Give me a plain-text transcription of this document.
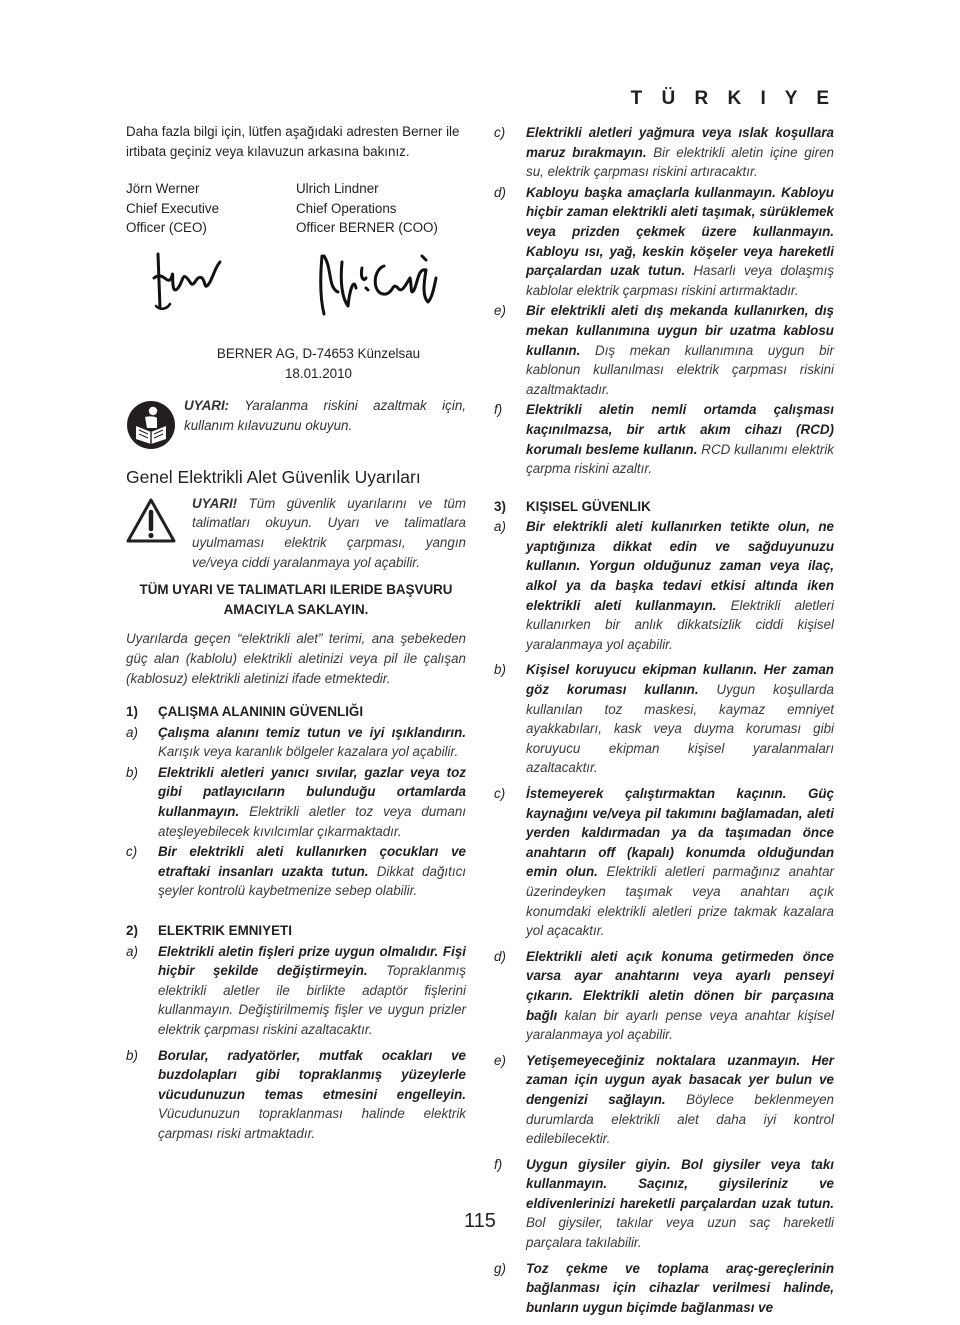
T Ü R K I Y E

Daha fazla bilgi için, lütfen aşağıdaki adresten Berner ile irtibata geçiniz veya kılavuzun arkasına bakınız.

Jörn Werner
Chief Executive
Officer (CEO)
Ulrich Lindner
Chief Operations
Officer BERNER (COO)
BERNER AG, D-74653 Künzelsau
18.01.2010

UYARI: Yaralanma riskini azaltmak için, kullanım kılavuzunu okuyun.

Genel Elektrikli Alet Güvenlik Uyarıları

UYARI! Tüm güvenlik uyarılarını ve tüm talimatları okuyun. Uyarı ve talimatlara uyulmaması elektrik çarpması, yangın ve/veya ciddi yaralanmaya yol açabilir.

TÜM UYARI VE TALIMATLARI ILERIDE BAŞVURU AMACIYLA SAKLAYIN.

Uyarılarda geçen “elektrikli alet” terimi, ana şebekeden güç alan (kablolu) elektrikli aletinizi veya pil ile çalışan (kablosuz) elektrikli aletinizi ifade etmektedir.

1)	ÇALIŞMA ALANININ GÜVENLIĞI
a)	Çalışma alanını temiz tutun ve iyi ışıklandırın. Karışık veya karanlık bölgeler kazalara yol açabilir.

b)	Elektrikli aletleri yanıcı sıvılar, gazlar veya toz gibi patlayıcıların bulunduğu ortamlarda kullanmayın. Elektrikli aletler toz veya dumanı ateşleyebilecek kıvılcımlar çıkarmaktadır.

c)	Bir elektrikli aleti kullanırken çocukları ve etraftaki insanları uzakta tutun. Dikkat dağıtıcı şeyler kontrolü kaybetmenize sebep olabilir.

2)	ELEKTRIK EMNIYETI
a)	Elektrikli aletin fişleri prize uygun olmalıdır. Fişi hiçbir şekilde değiştirmeyin. Topraklanmış elektrikli aletler ile birlikte adaptör fişlerini kullanmayın. Değiştirilmemiş fişler ve uygun prizler elektrik çarpması riskini azaltacaktır.

b)	Borular, radyatörler, mutfak ocakları ve buzdolapları gibi topraklanmış yüzeylerle vücudunuzun temas etmesini engelleyin. Vücudunuzun topraklanması halinde elektrik çarpması riski artmaktadır.

c)	Elektrikli aletleri yağmura veya ıslak koşullara maruz bırakmayın. Bir elektrikli aletin içine giren su, elektrik çarpması riskini artıracaktır.

d)	Kabloyu başka amaçlarla kullanmayın. Kabloyu hiçbir zaman elektrikli aleti taşımak, sürüklemek veya prizden çekmek üzere kullanmayın. Kabloyu ısı, yağ, keskin köşeler veya hareketli parçalardan uzak tutun. Hasarlı veya dolaşmış kablolar elektrik çarpması riskini artırmaktadır.

e)	Bir elektrikli aleti dış mekanda kullanırken, dış mekan kullanımına uygun bir uzatma kablosu kullanın. Dış mekan kullanımına uygun bir kablonun kullanılması elektrik çarpması riskini azaltmaktadır.

f)	Elektrikli aletin nemli ortamda çalışması kaçınılmazsa, bir artık akım cihazı (RCD) korumalı besleme kullanın. RCD kullanımı elektrik çarpma riskini azaltır.

3)	KIŞISEL GÜVENLIK
a)	Bir elektrikli aleti kullanırken tetikte olun, ne yaptığınıza dikkat edin ve sağduyunuzu kullanın. Yorgun olduğunuz zaman veya ilaç, alkol ya da başka tedavi etkisi altında iken elektrikli aleti kullanmayın. Elektrikli aletleri kullanırken bir anlık dikkatsizlik ciddi kişisel yaralanmaya yol açabilir.

b)	Kişisel koruyucu ekipman kullanın. Her zaman göz koruması kullanın. Uygun koşullarda kullanılan toz maskesi, kaymaz emniyet ayakkabıları, kask veya duyma koruması gibi koruyucu ekipman kişisel yaralanmaları azaltacaktır.

c)	İstemeyerek çalıştırmaktan kaçının. Güç kaynağını ve/veya pil takımını bağlamadan, aleti yerden kaldırmadan ya da taşımadan önce anahtarın off (kapalı) konumda olduğundan emin olun. Elektrikli aletleri parmağınız anahtar üzerindeyken taşımak veya anahtarı açık konumdaki elektrikli aletleri prize takmak kazalara yol açacaktır.

d)	Elektrikli aleti açık konuma getirmeden önce varsa ayar anahtarını veya ayarlı penseyi çıkarın. Elektrikli aletin dönen bir parçasına bağlı kalan bir ayarlı pense veya anahtar kişisel yaralanmaya yol açabilir.

e)	Yetişemeyeceğiniz noktalara uzanmayın. Her zaman için uygun ayak basacak yer bulun ve dengenizi sağlayın. Böylece beklenmeyen durumlarda elektrikli alet daha iyi kontrol edilebilecektir.

f)	Uygun giysiler giyin. Bol giysiler veya takı kullanmayın. Saçınız, giysileriniz ve eldivenlerinizi hareketli parçalardan uzak tutun. Bol giysiler, takılar veya uzun saç hareketli parçalara takılabilir.

g)	Toz çekme ve toplama araç-gereçlerinin bağlanması için cihazlar verilmesi halinde, bunların uygun biçimde bağlanması ve

115
